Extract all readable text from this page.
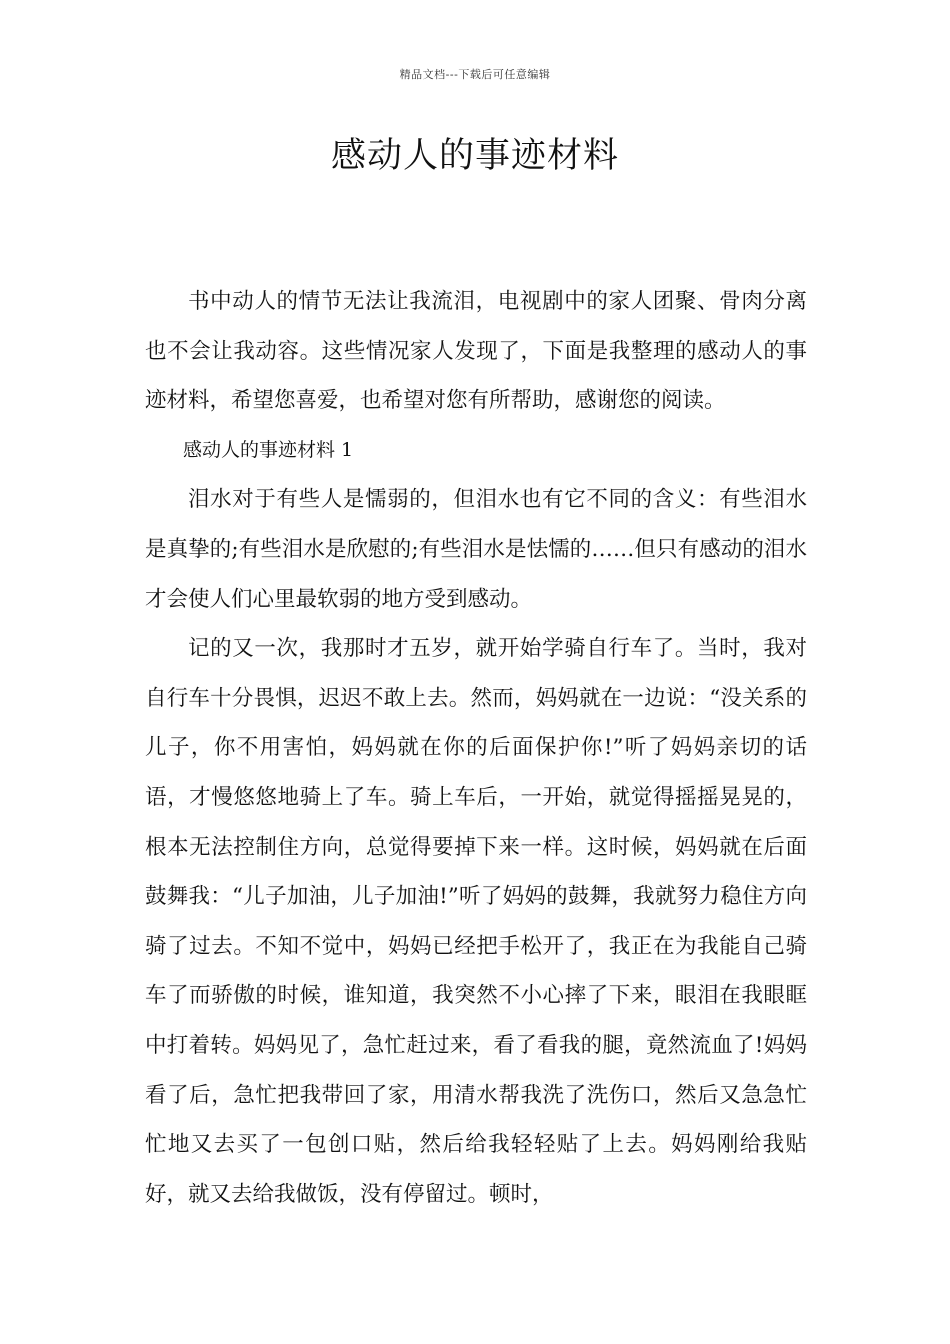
精品文档---下载后可任意编辑
感动人的事迹材料

书中动人的情节无法让我流泪，电视剧中的家人团聚、骨肉分离也不会让我动容。这些情况家人发现了，下面是我整理的感动人的事迹材料，希望您喜爱，也希望对您有所帮助，感谢您的阅读。

感动人的事迹材料 1

泪水对于有些人是懦弱的，但泪水也有它不同的含义：有些泪水是真挚的;有些泪水是欣慰的;有些泪水是怯懦的……但只有感动的泪水才会使人们心里最软弱的地方受到感动。

记的又一次，我那时才五岁，就开始学骑自行车了。当时，我对自行车十分畏惧，迟迟不敢上去。然而，妈妈就在一边说：“没关系的儿子，你不用害怕，妈妈就在你的后面保护你!”听了妈妈亲切的话语，才慢悠悠地骑上了车。骑上车后，一开始，就觉得摇摇晃晃的，根本无法控制住方向，总觉得要掉下来一样。这时候，妈妈就在后面鼓舞我：“儿子加油，儿子加油!”听了妈妈的鼓舞，我就努力稳住方向骑了过去。不知不觉中，妈妈已经把手松开了，我正在为我能自己骑车了而骄傲的时候，谁知道，我突然不小心摔了下来，眼泪在我眼眶中打着转。妈妈见了，急忙赶过来，看了看我的腿，竟然流血了!妈妈看了后，急忙把我带回了家，用清水帮我洗了洗伤口，然后又急急忙忙地又去买了一包创口贴，然后给我轻轻贴了上去。妈妈刚给我贴好，就又去给我做饭，没有停留过。顿时，
